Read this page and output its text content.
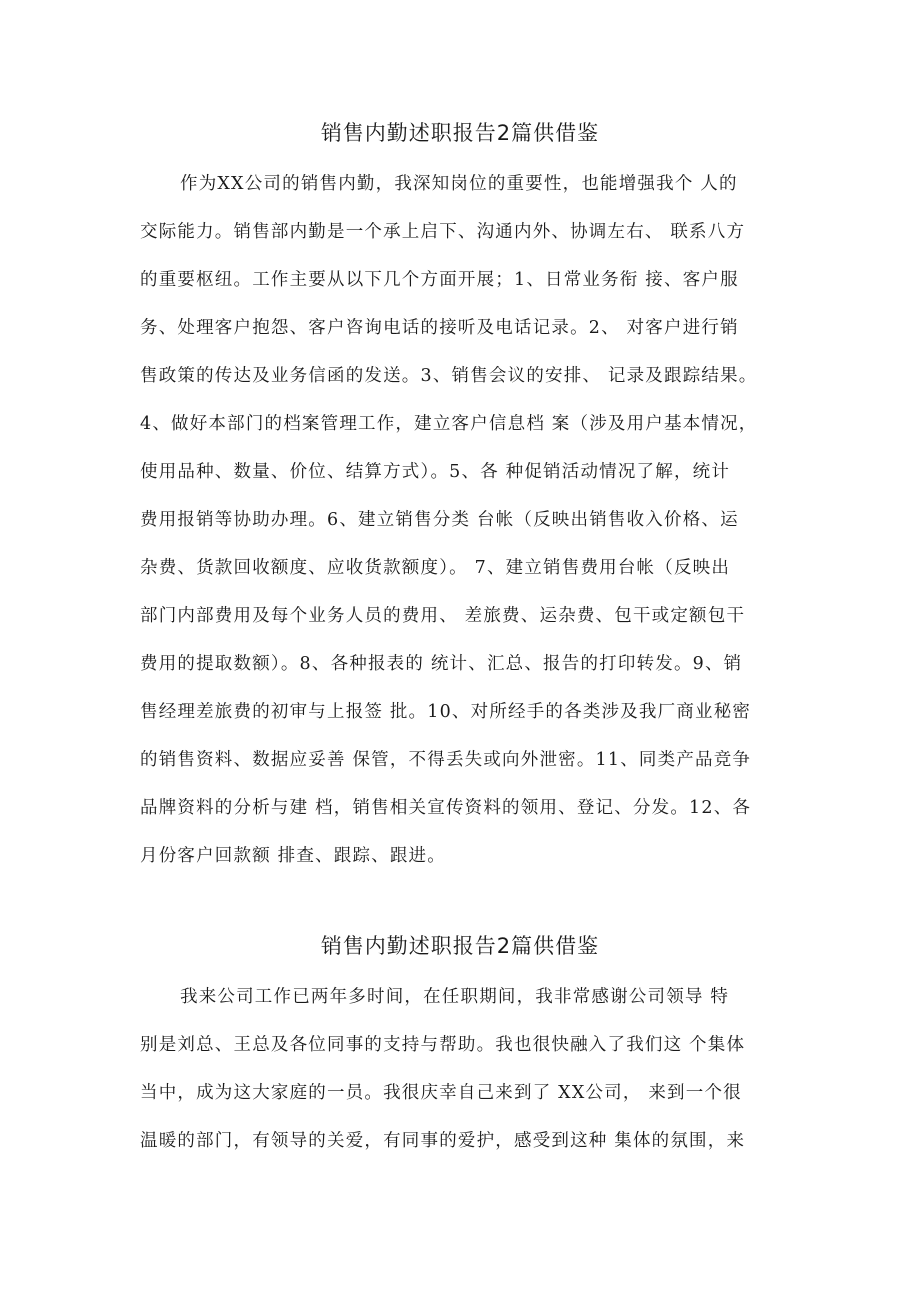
销售内勤述职报告2篇供借鉴

作为XX公司的销售内勤，我深知岗位的重要性，也能增强我个 人的

交际能力。销售部内勤是一个承上启下、沟通内外、协调左右、 联系八方

的重要枢纽。工作主要从以下几个方面开展；1、日常业务衔 接、客户服

务、处理客户抱怨、客户咨询电话的接听及电话记录。2、 对客户进行销

售政策的传达及业务信函的发送。3、销售会议的安排、 记录及跟踪结果。

4、做好本部门的档案管理工作，建立客户信息档 案（涉及用户基本情况，

使用品种、数量、价位、结算方式）。5、各 种促销活动情况了解，统计

费用报销等协助办理。6、建立销售分类 台帐（反映出销售收入价格、运

杂费、货款回收额度、应收货款额度）。 7、建立销售费用台帐（反映出

部门内部费用及每个业务人员的费用、 差旅费、运杂费、包干或定额包干

费用的提取数额）。8、各种报表的 统计、汇总、报告的打印转发。9、销

售经理差旅费的初审与上报签 批。10、对所经手的各类涉及我厂商业秘密

的销售资料、数据应妥善 保管，不得丢失或向外泄密。11、同类产品竞争

品牌资料的分析与建 档，销售相关宣传资料的领用、登记、分发。12、各

月份客户回款额 排查、跟踪、跟进。

销售内勤述职报告2篇供借鉴

我来公司工作已两年多时间，在任职期间，我非常感谢公司领导 特

别是刘总、王总及各位同事的支持与帮助。我也很快融入了我们这 个集体

当中，成为这大家庭的一员。我很庆幸自己来到了 XX公司， 来到一个很

温暖的部门，有领导的关爱，有同事的爱护，感受到这种 集体的氛围，来
